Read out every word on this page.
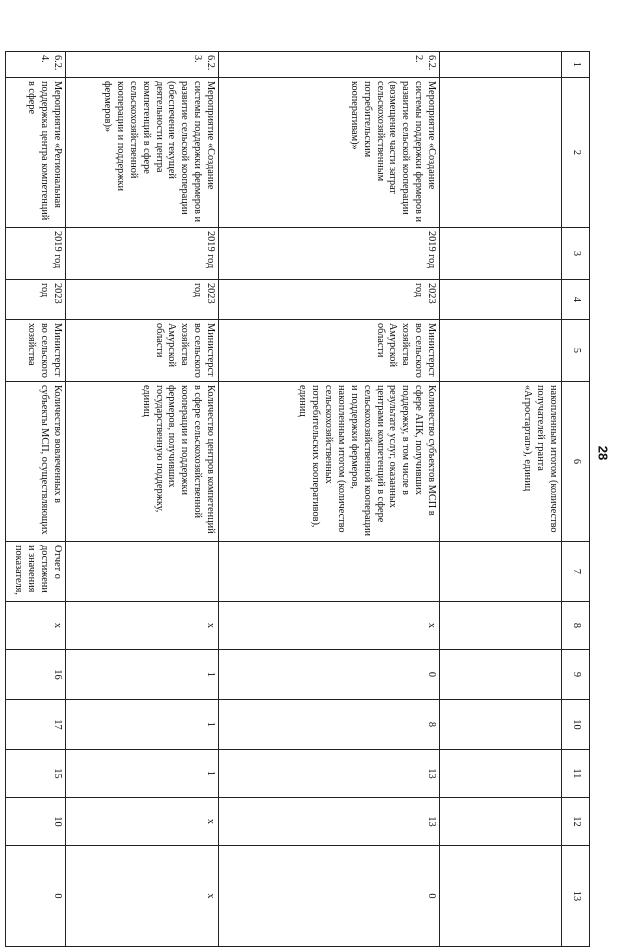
28
1	2	3	4	5	6	7	8	9	10	11	12	13
					накопленным итогом (количество получателей гранта «Агростартап»), единиц							
6.2.2.	Мероприятие «Создание системы поддержки фермеров и развитие сельской кооперации (возмещение части затрат сельскохозяйственным потребительским кооперативам)»	2019 год	2023 год	Министерство сельского хозяйства Амурской области	Количество субъектов МСП в сфере АПК, получивших поддержку, в том числе в результате услуг, оказанных центрами компетенций в сфере сельскохозяйственной кооперации и поддержки фермеров, накопленным итогом (количество сельскохозяйственных потребительских кооперативов), единиц		x	0	8	13	13	0
6.2.3.	Мероприятие «Создание системы поддержки фермеров и развитие сельской кооперации (обеспечение текущей деятельности центра компетенций в сфере сельскохозяйственной кооперации и поддержки фермеров)»	2019 год	2023 год	Министерство сельского хозяйства Амурской области	Количество центров компетенций в сфере сельскохозяйственной кооперации и поддержки фермеров, получивших государственную поддержку, единиц		x	1	1	1	x	x
6.2.4.	Мероприятие «Региональная поддержка центра компетенций в сфере	2019 год	2023 год	Министерство сельского хозяйства	Количество вовлеченных в субъекты МСП, осуществляющих	Отчет о достижении значения показателя,	x	16	17	15	10	0
